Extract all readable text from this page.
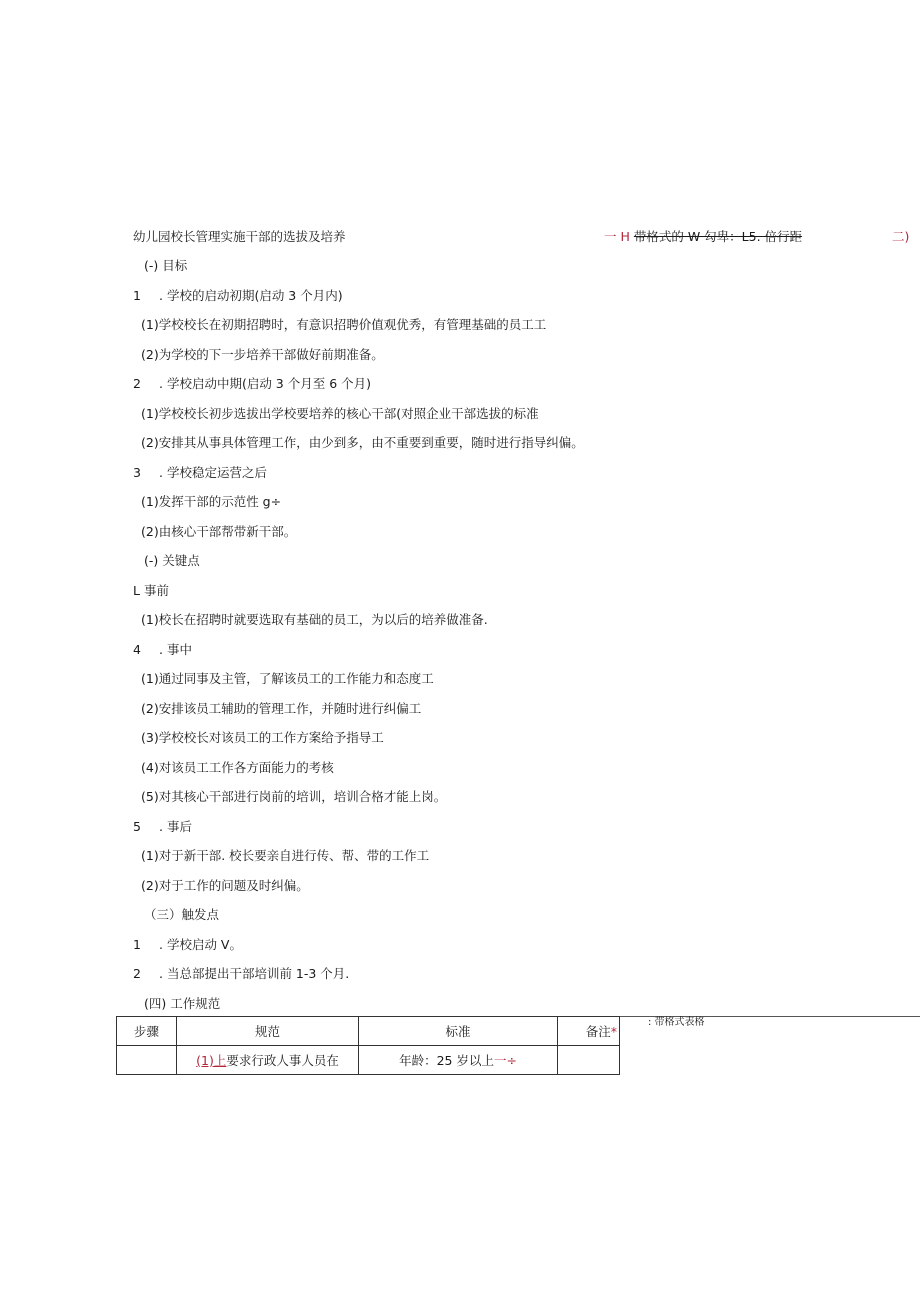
幼儿园校长管理实施干部的选拔及培养	一 H 带格式的 W 勾卑：L5. 倍行距	二)
(-) 目标
1 . 学校的启动初期(启动 3 个月内)
(1)学校校长在初期招聘时，有意识招聘价值观优秀，有管理基础的员工工
(2)为学校的下一步培养干部做好前期准备。
2 . 学校启动中期(启动 3 个月至 6 个月)
(1)学校校长初步选拔出学校要培养的核心干部(对照企业干部选拔的标准
(2)安排其从事具体管理工作，由少到多，由不重要到重要，随时进行指导纠偏。
3 . 学校稳定运营之后
(1)发挥干部的示范性 g÷
(2)由核心干部帮带新干部。
(-) 关键点
L 事前
(1)校长在招聘时就要选取有基础的员工，为以后的培养做准备.
4 . 事中
(1)通过同事及主管，了解该员工的工作能力和态度工
(2)安排该员工辅助的管理工作，并随时进行纠偏工
(3)学校校长对该员工的工作方案给予指导工
(4)对该员工工作各方面能力的考核
(5)对其核心干部进行岗前的培训，培训合格才能上岗。
5 . 事后
(1)对于新干部. 校长要亲自进行传、帮、带的工作工
(2)对于工作的问题及时纠偏。
（三）触发点
1 . 学校启动 V。
2 . 当总部提出干部培训前 1-3 个月.
(四) 工作规范
步骤	规范	标准	备注*
	(1)上要求行政人事人员在	年龄：25 岁以上一÷	
: 带格式表格
